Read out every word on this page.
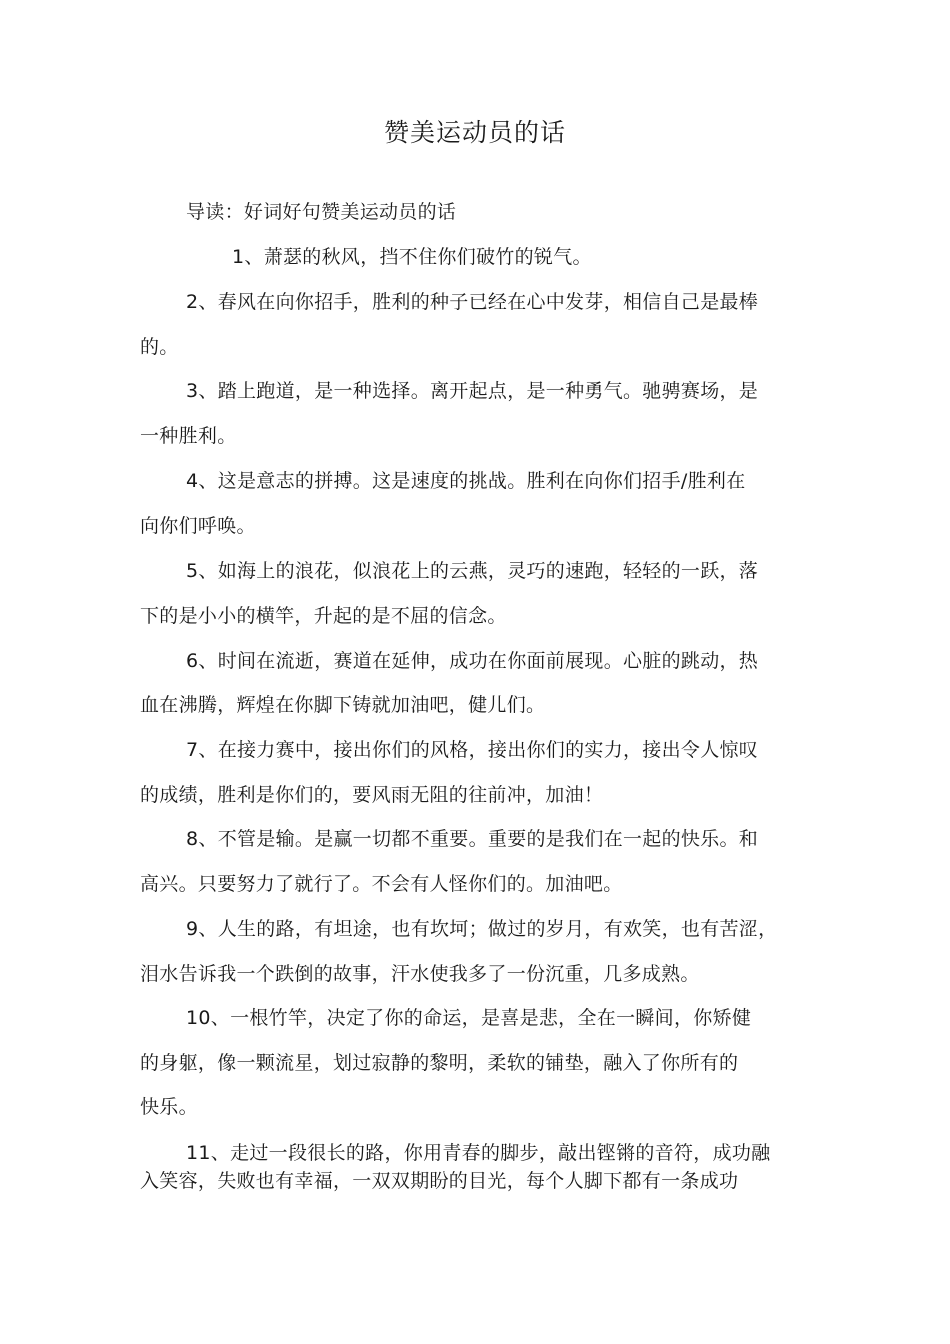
赞美运动员的话

导读：好词好句赞美运动员的话

1、萧瑟的秋风，挡不住你们破竹的锐气。

2、春风在向你招手，胜利的种子已经在心中发芽，相信自己是最棒

的。

3、踏上跑道，是一种选择。离开起点，是一种勇气。驰骋赛场，是

一种胜利。

4、这是意志的拼搏。这是速度的挑战。胜利在向你们招手/胜利在

向你们呼唤。

5、如海上的浪花，似浪花上的云燕，灵巧的速跑，轻轻的一跃，落

下的是小小的横竿，升起的是不屈的信念。

6、时间在流逝，赛道在延伸，成功在你面前展现。心脏的跳动，热

血在沸腾，辉煌在你脚下铸就加油吧，健儿们。

7、在接力赛中，接出你们的风格，接出你们的实力，接出令人惊叹

的成绩，胜利是你们的，要风雨无阻的往前冲，加油！

8、不管是输。是赢一切都不重要。重要的是我们在一起的快乐。和

高兴。只要努力了就行了。不会有人怪你们的。加油吧。

9、人生的路，有坦途，也有坎坷；做过的岁月，有欢笑，也有苦涩，

泪水告诉我一个跌倒的故事，汗水使我多了一份沉重，几多成熟。

10、一根竹竿，决定了你的命运，是喜是悲，全在一瞬间，你矫健

的身躯，像一颗流星，划过寂静的黎明，柔软的铺垫，融入了你所有的

快乐。

11、走过一段很长的路，你用青春的脚步，敲出铿锵的音符，成功融

入笑容，失败也有幸福，一双双期盼的目光，每个人脚下都有一条成功
